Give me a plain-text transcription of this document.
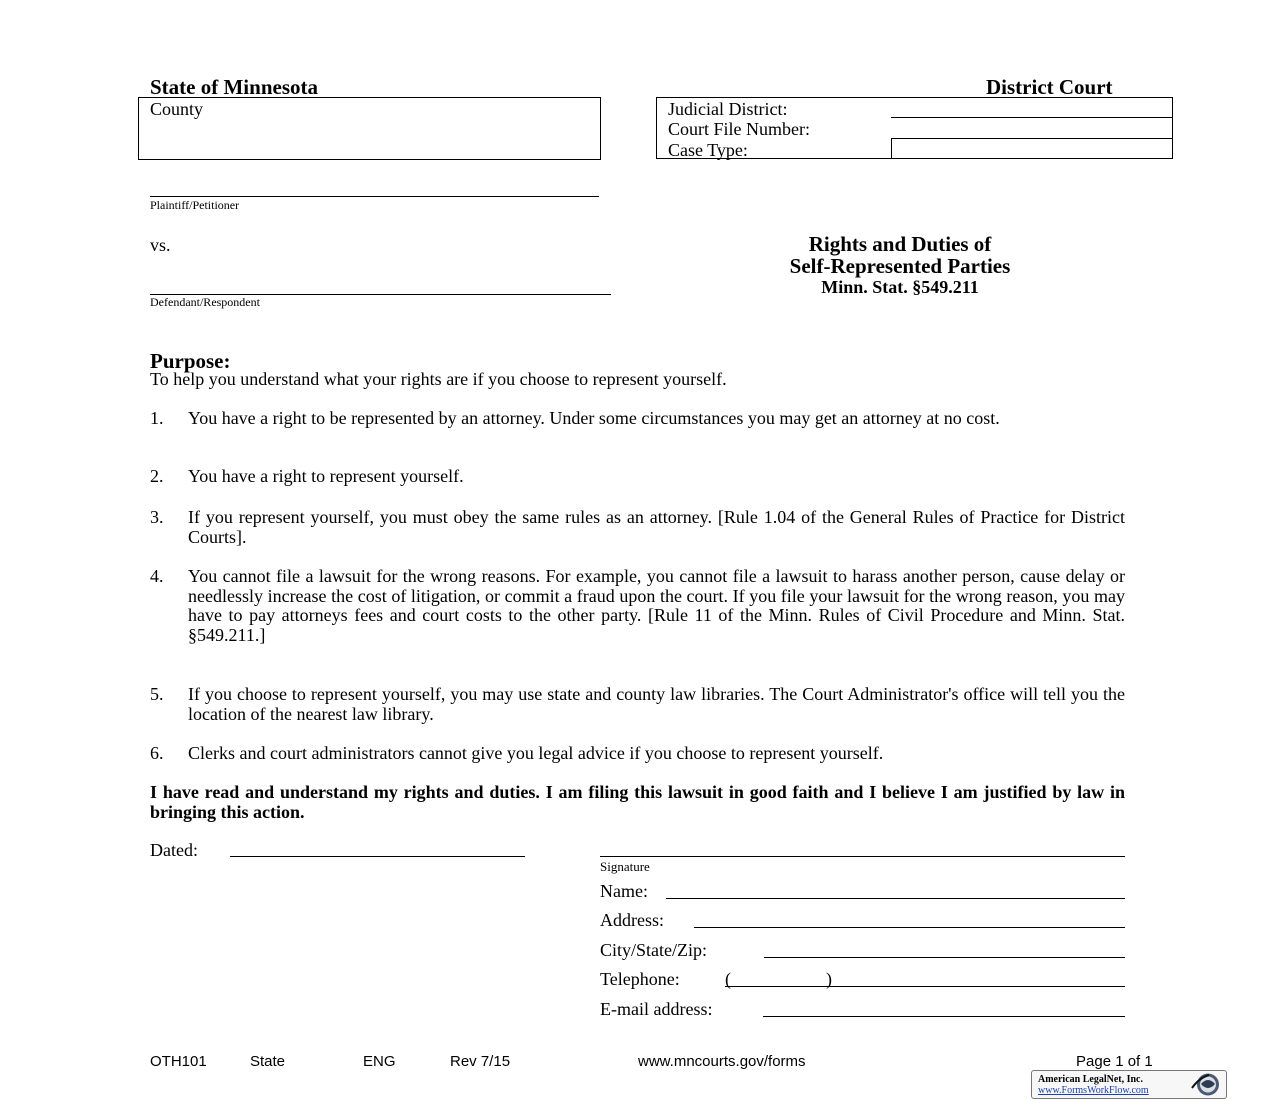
State of Minnesota	District Court
County	Judicial District:
Court File Number:
Case Type:
Plaintiff/Petitioner
vs.
Defendant/Respondent
Rights and Duties of
Self-Represented Parties
Minn. Stat. §549.211
Purpose:
To help you understand what your rights are if you choose to represent yourself.
1. You have a right to be represented by an attorney. Under some circumstances you may get an attorney at no cost.
2. You have a right to represent yourself.
3. If you represent yourself, you must obey the same rules as an attorney. [Rule 1.04 of the General Rules of Practice for District Courts].
4. You cannot file a lawsuit for the wrong reasons. For example, you cannot file a lawsuit to harass another person, cause delay or needlessly increase the cost of litigation, or commit a fraud upon the court. If you file your lawsuit for the wrong reason, you may have to pay attorneys fees and court costs to the other party. [Rule 11 of the Minn. Rules of Civil Procedure and Minn. Stat. §549.211.]
5. If you choose to represent yourself, you may use state and county law libraries. The Court Administrator's office will tell you the location of the nearest law library.
6. Clerks and court administrators cannot give you legal advice if you choose to represent yourself.
I have read and understand my rights and duties. I am filing this lawsuit in good faith and I believe I am justified by law in bringing this action.
Dated:
Signature
Name:
Address:
City/State/Zip:
Telephone:	(	)
E-mail address:
OTH101	State	ENG	Rev 7/15	www.mncourts.gov/forms	Page 1 of 1
American LegalNet, Inc.
www.FormsWorkFlow.com
